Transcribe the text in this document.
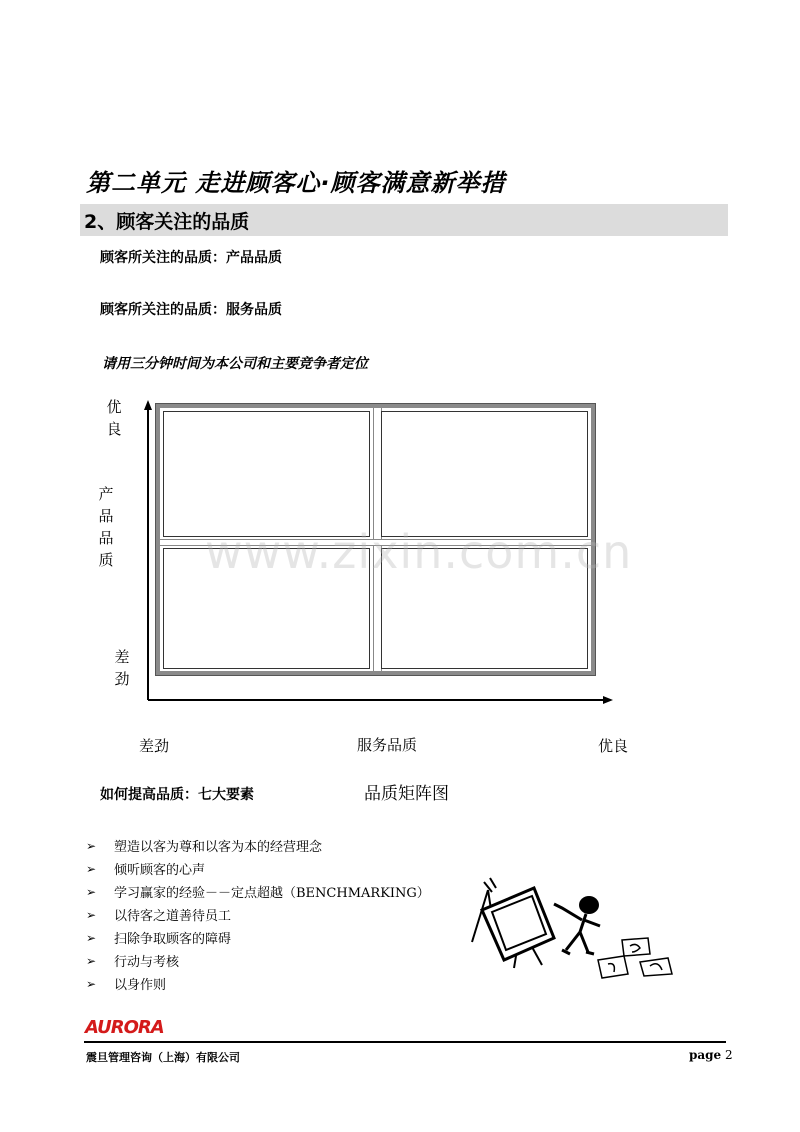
第二单元 走进顾客心·顾客满意新举措
2、顾客关注的品质
顾客所关注的品质：产品品质
顾客所关注的品质：服务品质
请用三分钟时间为本公司和主要竞争者定位
优
良
产
品
品
质
差
劲
差劲	服务品质	优良
www.zixin.com.cn
如何提高品质：七大要素	品质矩阵图
➢	塑造以客为尊和以客为本的经营理念
➢	倾听顾客的心声
➢	学习赢家的经验－－定点超越（BENCHMARKING）
➢	以待客之道善待员工
➢	扫除争取顾客的障碍
➢	行动与考核
➢	以身作则
AURORA
震旦管理咨询（上海）有限公司	page 2
